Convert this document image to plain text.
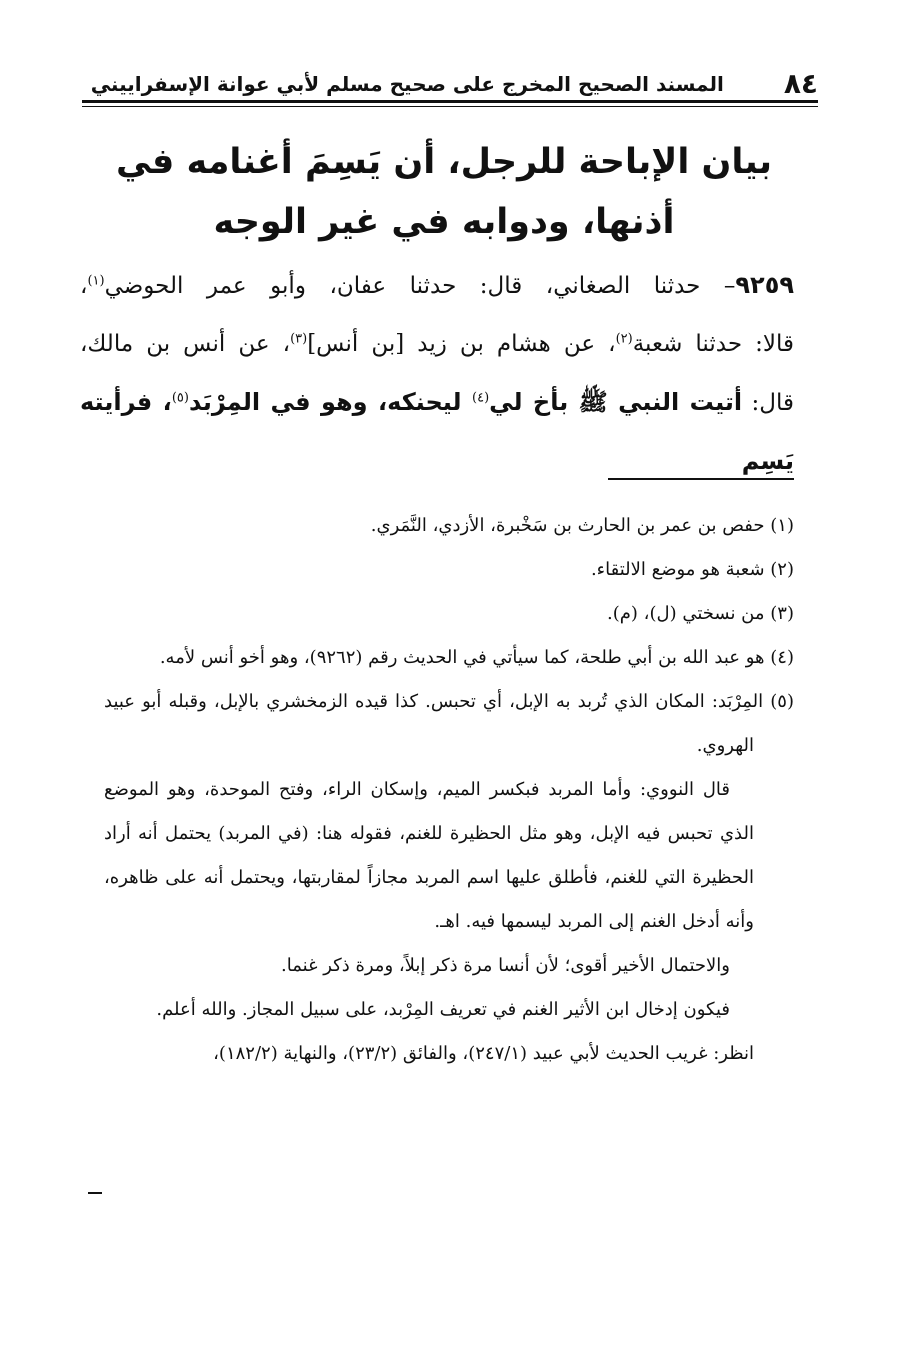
٨٤
المسند الصحيح المخرج على صحيح مسلم لأبي عوانة الإسفراييني
بيان الإباحة للرجل، أن يَسِمَ أغنامه في أذنها، ودوابه في غير الوجه
٩٢٥٩– حدثنا الصغاني، قال: حدثنا عفان، وأبو عمر الحوضي$^{(١)}$،
قالا: حدثنا شعبة$^{(٢)}$، عن هشام بن زيد [بن أنس]$^{(٣)}$، عن أنس بن مالك،
قال: أتيت النبي ﷺ بأخ لي$^{(٤)}$ ليحنكه، وهو في المِرْبَد$^{(٥)}$، فرأيته يَسِم

(١) حفص بن عمر بن الحارث بن سَخْبرة، الأزدي، النَّمَري.

(٢) شعبة هو موضع الالتقاء.

(٣) من نسختي (ل)، (م).

(٤) هو عبد الله بن أبي طلحة، كما سيأتي في الحديث رقم (٩٢٦٢)، وهو أخو أنس لأمه.

(٥) المِرْبَد: المكان الذي تُربد به الإبل، أي تحبس. كذا قيده الزمخشري بالإبل، وقبله أبو عبيد الهروي.

قال النووي: وأما المربد فبكسر الميم، وإسكان الراء، وفتح الموحدة، وهو الموضع الذي تحبس فيه الإبل، وهو مثل الحظيرة للغنم، فقوله هنا: (في المربد) يحتمل أنه أراد الحظيرة التي للغنم، فأطلق عليها اسم المربد مجازاً لمقاربتها، ويحتمل أنه على ظاهره، وأنه أدخل الغنم إلى المربد ليسمها فيه. اهـ.

والاحتمال الأخير أقوى؛ لأن أنسا مرة ذكر إبلاً، ومرة ذكر غنما.

فيكون إدخال ابن الأثير الغنم في تعريف المِرْبد، على سبيل المجاز. والله أعلم.

انظر: غريب الحديث لأبي عبيد (٢٤٧/١)، والفائق (٢٣/٢)، والنهاية (١٨٢/٢)،
